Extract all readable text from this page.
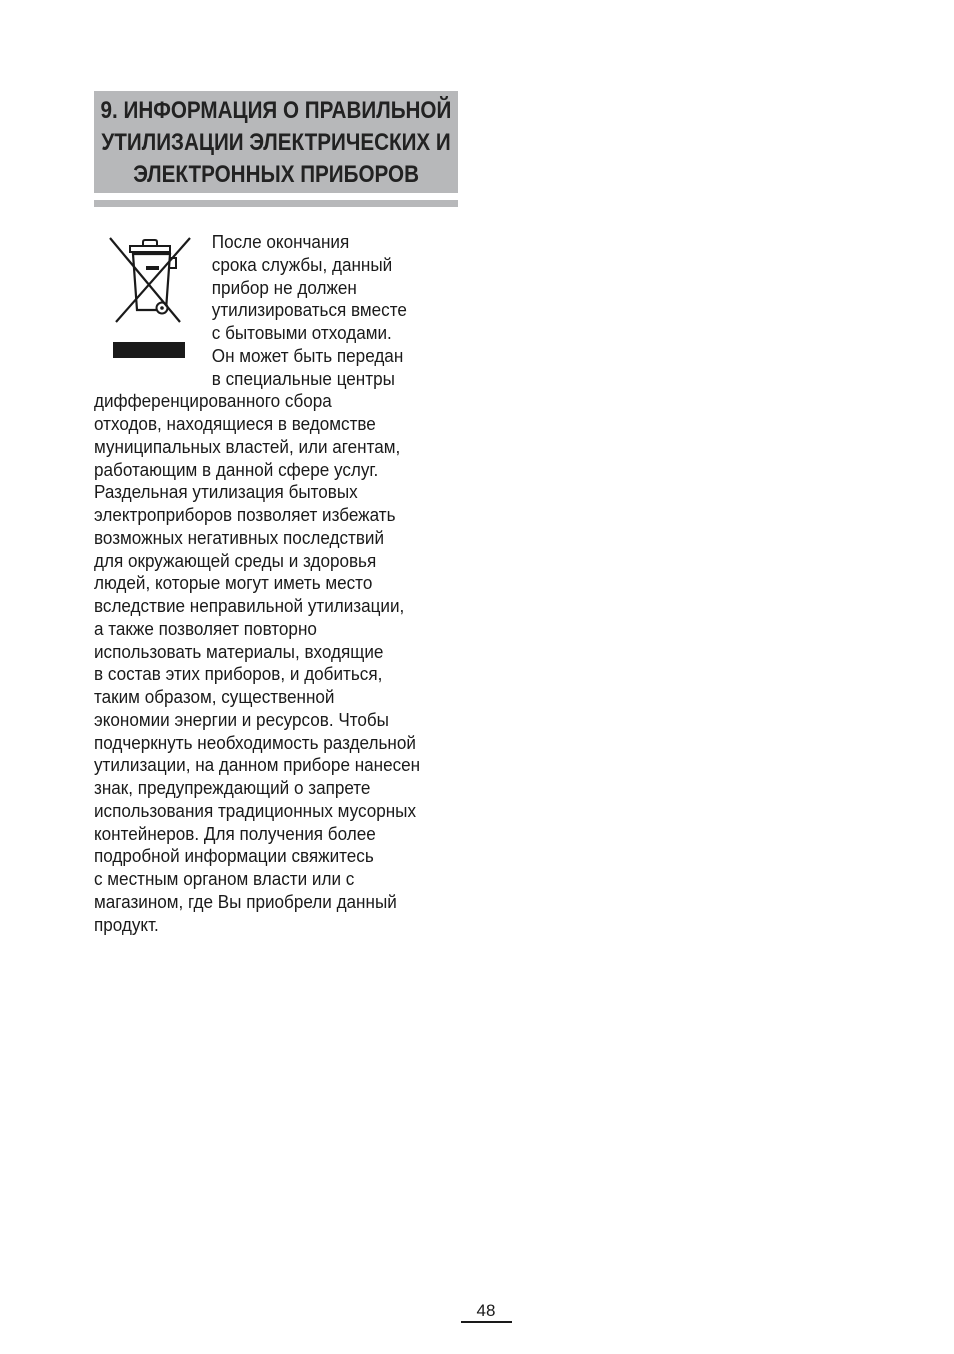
9. ИНФОРМАЦИЯ О ПРАВИЛЬНОЙ
УТИЛИЗАЦИИ ЭЛЕКТРИЧЕСКИХ И
ЭЛЕКТРОННЫХ ПРИБОРОВ
После окончания
срока службы, данный
прибор не должен
утилизироваться вместе
с бытовыми отходами.
Он может быть передан
в специальные центры
дифференцированного сбора
отходов, находящиеся в ведомстве
муниципальных властей, или агентам,
работающим в данной сфере услуг.
Раздельная утилизация бытовых
электроприборов позволяет избежать
возможных негативных последствий
для окружающей среды и здоровья
людей, которые могут иметь место
вследствие неправильной утилизации,
а также позволяет повторно
использовать материалы, входящие
в состав этих приборов, и добиться,
таким образом, существенной
экономии энергии и ресурсов. Чтобы
подчеркнуть необходимость раздельной
утилизации, на данном приборе нанесен
знак, предупреждающий о запрете
использования традиционных мусорных
контейнеров. Для получения более
подробной информации свяжитесь
с местным органом власти или с
магазином, где Вы приобрели данный
продукт.
48
